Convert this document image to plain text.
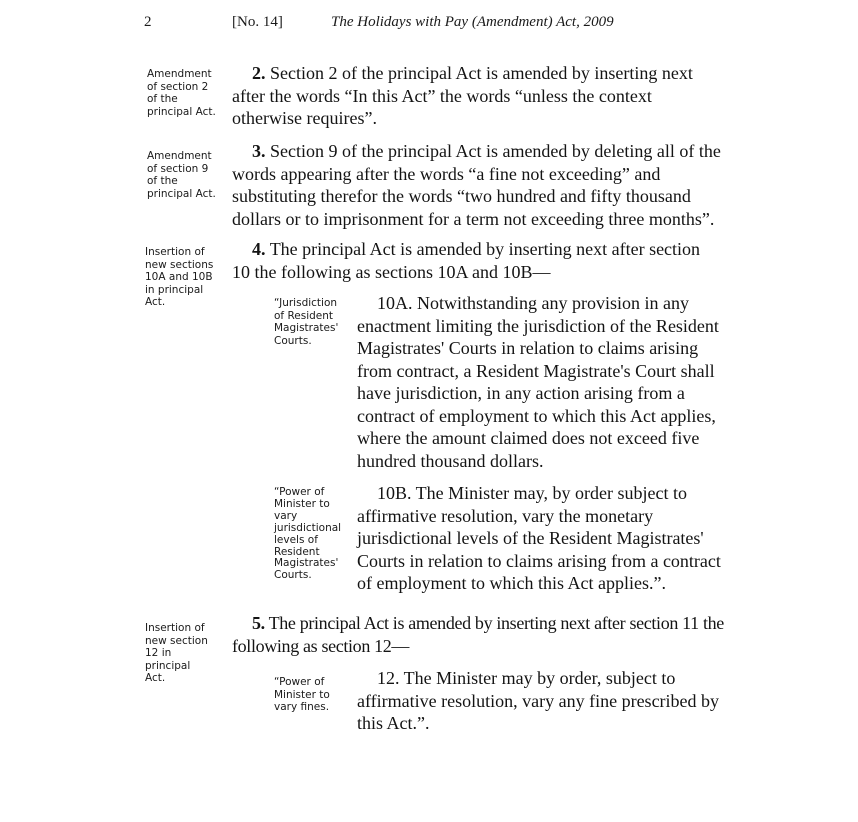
2	[No. 14]	The Holidays with Pay (Amendment) Act, 2009
Amendment
of section 2
of the
principal Act.
2. Section 2 of the principal Act is amended by inserting next
after the words “In this Act” the words “unless the context
otherwise requires”.
Amendment
of section 9
of the
principal Act.
3. Section 9 of the principal Act is amended by deleting all of the
words appearing after the words “a fine not exceeding” and
substituting therefor the words “two hundred and fifty thousand
dollars or to imprisonment for a term not exceeding three months”.
Insertion of
new sections
10A and 10B
in principal
Act.
4. The principal Act is amended by inserting next after section
10 the following as sections 10A and 10B—
“Jurisdiction
of Resident
Magistrates'
Courts.
10A. Notwithstanding any provision in any
enactment limiting the jurisdiction of the Resident
Magistrates' Courts in relation to claims arising
from contract, a Resident Magistrate's Court shall
have jurisdiction, in any action arising from a
contract of employment to which this Act applies,
where the amount claimed does not exceed five
hundred thousand dollars.
“Power of
Minister to
vary
jurisdictional
levels of
Resident
Magistrates'
Courts.
10B. The Minister may, by order subject to
affirmative resolution, vary the monetary
jurisdictional levels of the Resident Magistrates'
Courts in relation to claims arising from a contract
of employment to which this Act applies.”.
Insertion of
new section
12 in
principal
Act.
5. The principal Act is amended by inserting next after section 11 the
following as section 12—
“Power of
Minister to
vary fines.
12. The Minister may by order, subject to
affirmative resolution, vary any fine prescribed by
this Act.”.
